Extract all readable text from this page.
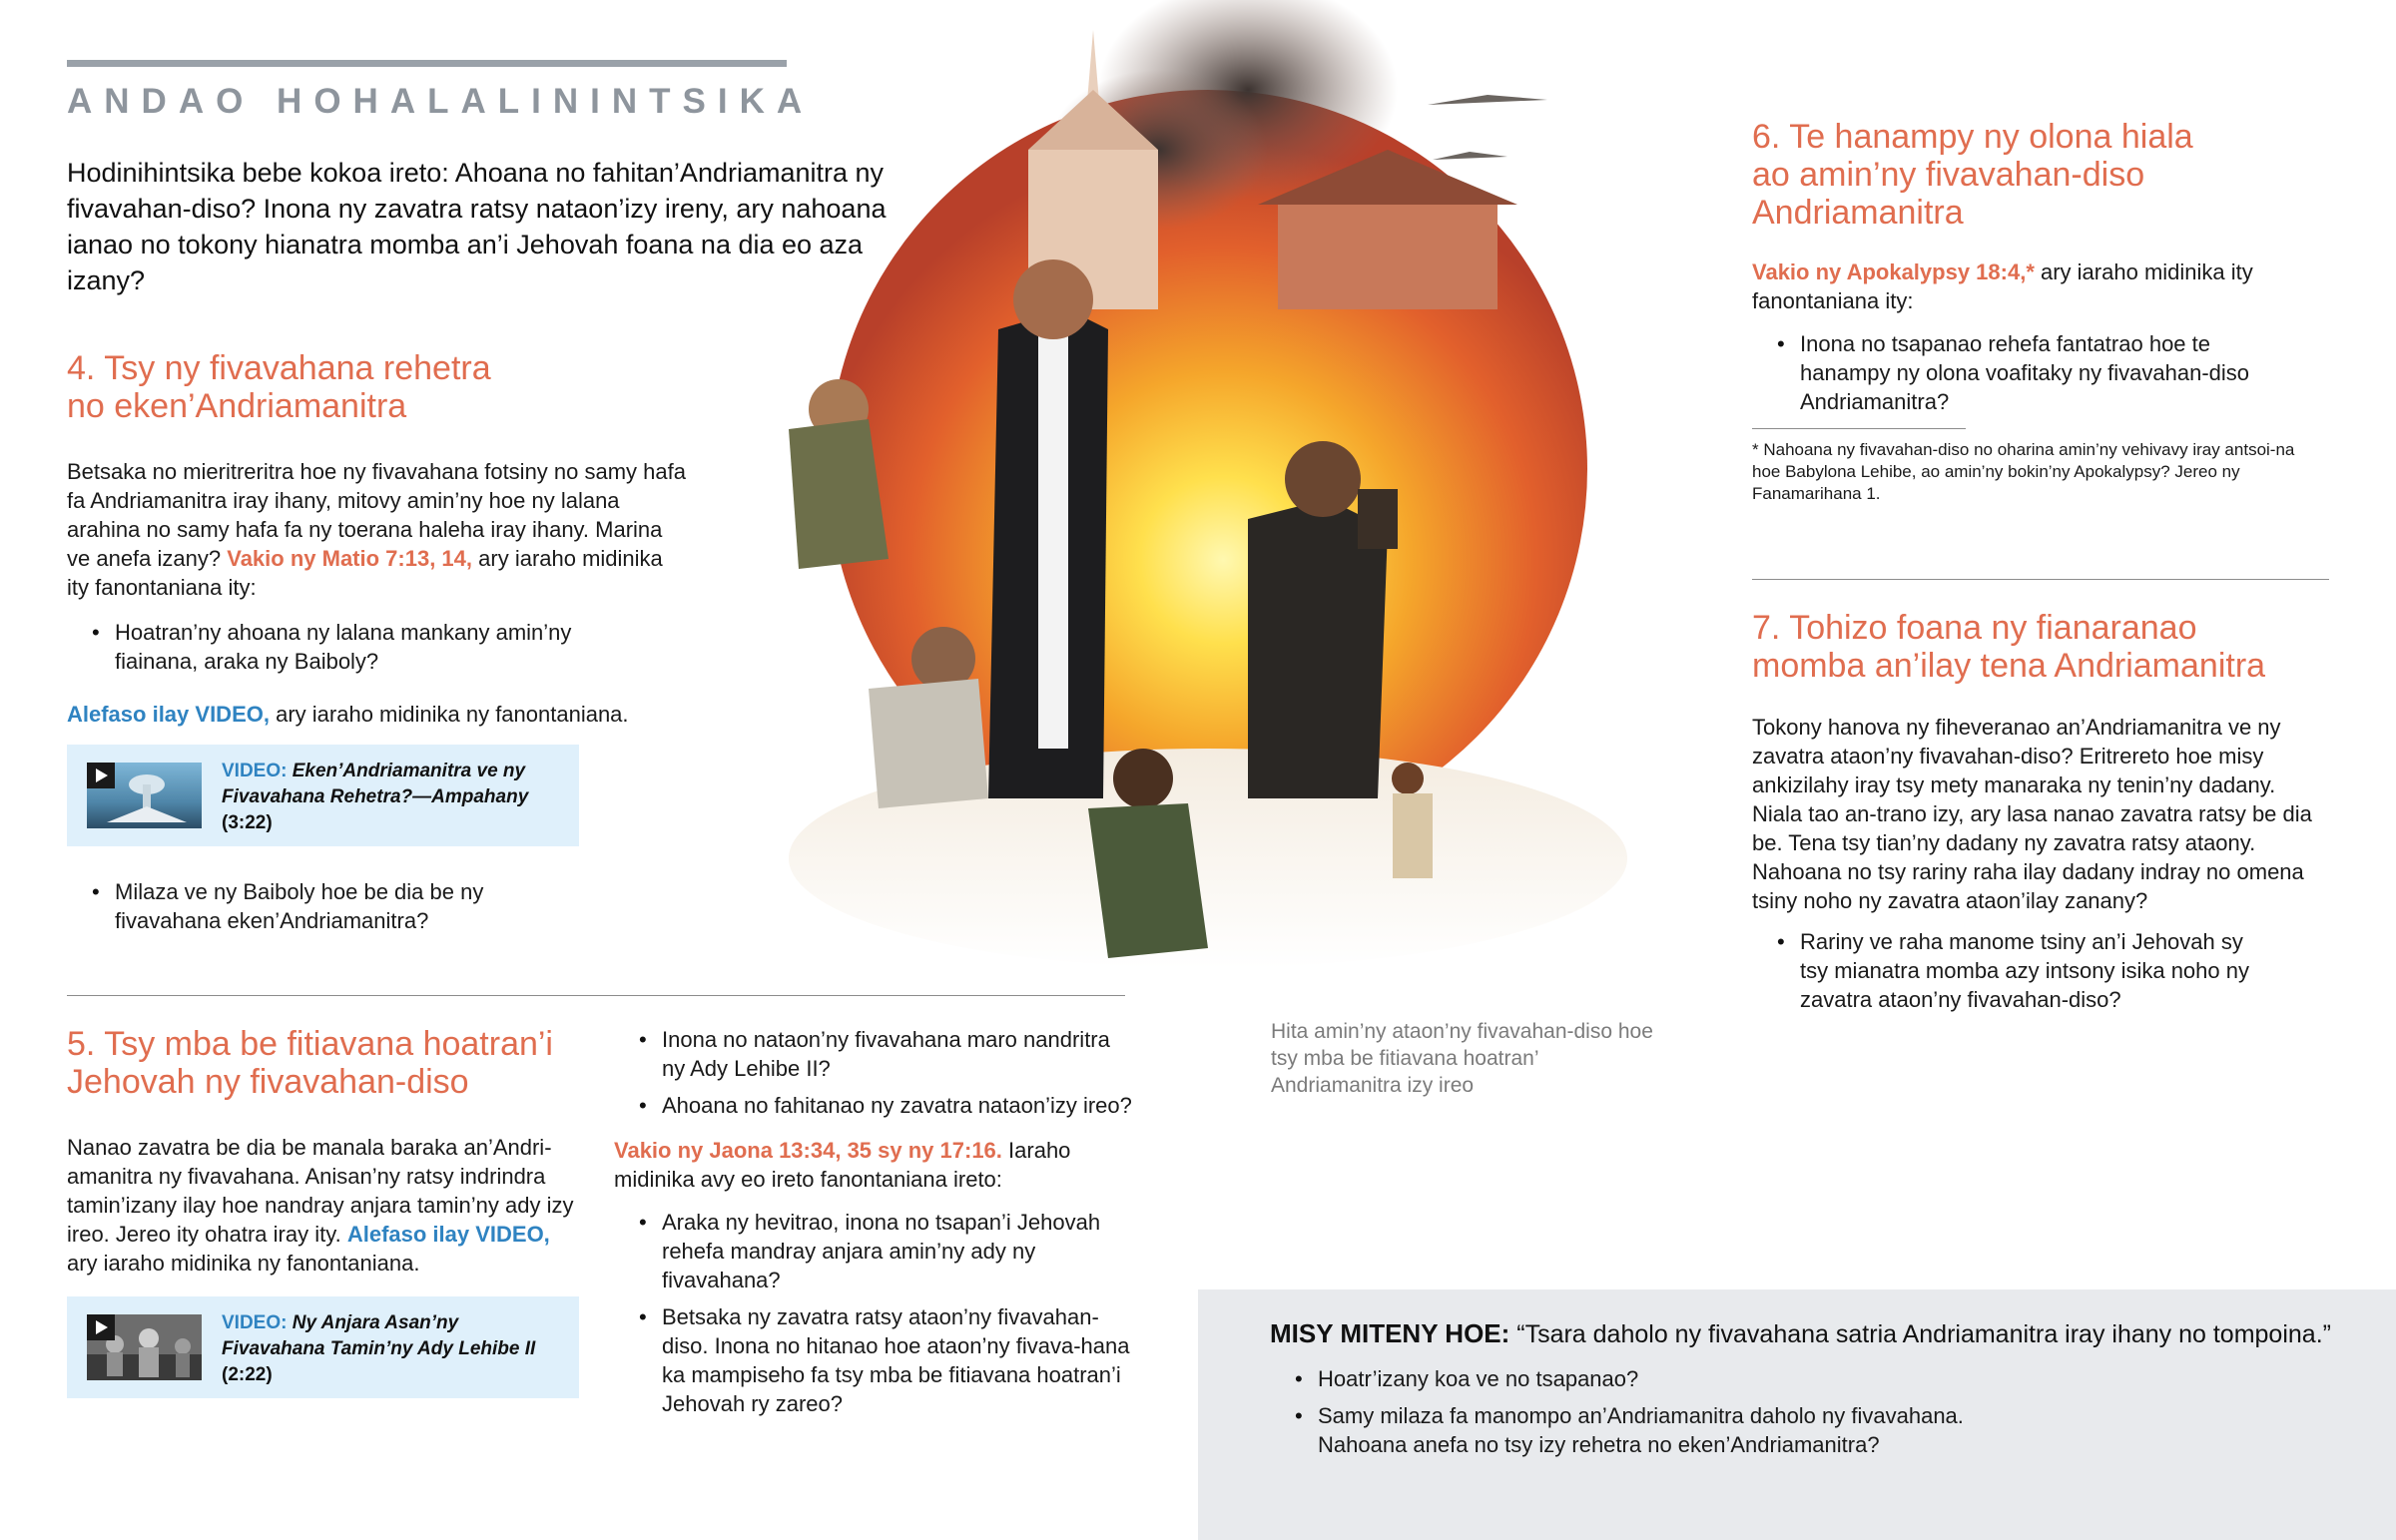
ANDAO HOHALALININTSIKA
Hodinihintsika bebe kokoa ireto: Ahoana no fahitan’Andriamanitra ny fivavahan-diso? Inona ny zavatra ratsy nataon’izy ireny, ary nahoana ianao no tokony hianatra momba an’i Jehovah foana na dia eo aza izany?
4. Tsy ny fivavahana rehetra
no eken’Andriamanitra

Betsaka no mieritreritra hoe ny fivavahana fotsiny no samy hafa fa Andriamanitra iray ihany, mitovy amin’ny hoe ny lalana arahina no samy hafa fa ny toerana haleha iray ihany. Marina ve anefa izany? Vakio ny Matio 7:13, 14, ary iaraho midinika ity fanontaniana ity:

• Hoatran’ny ahoana ny lalana mankany amin’ny fiainana, araka ny Baiboly?

Alefaso ilay VIDEO, ary iaraho midinika ny fanontaniana.

VIDEO: Eken’Andriamanitra ve ny Fivavahana Rehetra?—Ampahany (3:22)
• Milaza ve ny Baiboly hoe be dia be ny fivavahana eken’Andriamanitra?
5. Tsy mba be fitiavana hoatran’i
Jehovah ny fivavahan-diso

Nanao zavatra be dia be manala baraka an’Andri-amanitra ny fivavahana. Anisan’ny ratsy indrindra tamin’izany ilay hoe nandray anjara tamin’ny ady izy ireo. Jereo ity ohatra iray ity. Alefaso ilay VIDEO, ary iaraho midinika ny fanontaniana.

VIDEO: Ny Anjara Asan’ny Fivavahana Tamin’ny Ady Lehibe II (2:22)
• Inona no nataon’ny fivavahana maro nandritra ny Ady Lehibe II?
• Ahoana no fahitanao ny zavatra nataon’izy ireo?

Vakio ny Jaona 13:34, 35 sy ny 17:16. Iaraho midinika avy eo ireto fanontaniana ireto:

• Araka ny hevitrao, inona no tsapan’i Jehovah rehefa mandray anjara amin’ny ady ny fivavahana?
• Betsaka ny zavatra ratsy ataon’ny fivavahan-diso. Inona no hitanao hoe ataon’ny fivava-hana ka mampiseho fa tsy mba be fitiavana hoatran’i Jehovah ry zareo?
Hita amin’ny ataon’ny fivavahan-diso hoe tsy mba be fitiavana hoatran’ Andriamanitra izy ireo
6. Te hanampy ny olona hiala
ao amin’ny fivavahan-diso
Andriamanitra

Vakio ny Apokalypsy 18:4,* ary iaraho midinika ity fanontaniana ity:

• Inona no tsapanao rehefa fantatrao hoe te hanampy ny olona voafitaky ny fivavahan-diso Andriamanitra?

* Nahoana ny fivavahan-diso no oharina amin’ny vehivavy iray antsoi-na hoe Babylona Lehibe, ao amin’ny bokin’ny Apokalypsy? Jereo ny Fanamarihana 1.

7. Tohizo foana ny fianaranao
momba an’ilay tena Andriamanitra

Tokony hanova ny fiheveranao an’Andriamanitra ve ny zavatra ataon’ny fivavahan-diso? Eritrereto hoe misy ankizilahy iray tsy mety manaraka ny tenin’ny dadany. Niala tao an-trano izy, ary lasa nanao zavatra ratsy be dia be. Tena tsy tian’ny dadany ny zavatra ratsy ataony. Nahoana no tsy rariny raha ilay dadany indray no omena tsiny noho ny zavatra ataon’ilay zanany?

• Rariny ve raha manome tsiny an’i Jehovah sy tsy mianatra momba azy intsony isika noho ny zavatra ataon’ny fivavahan-diso?

MISY MITENY HOE: “Tsara daholo ny fivavahana satria Andriamanitra iray ihany no tompoina.”

• Hoatr’izany koa ve no tsapanao?
• Samy milaza fa manompo an’Andriamanitra daholo ny fivavahana. Nahoana anefa no tsy izy rehetra no eken’Andriamanitra?
